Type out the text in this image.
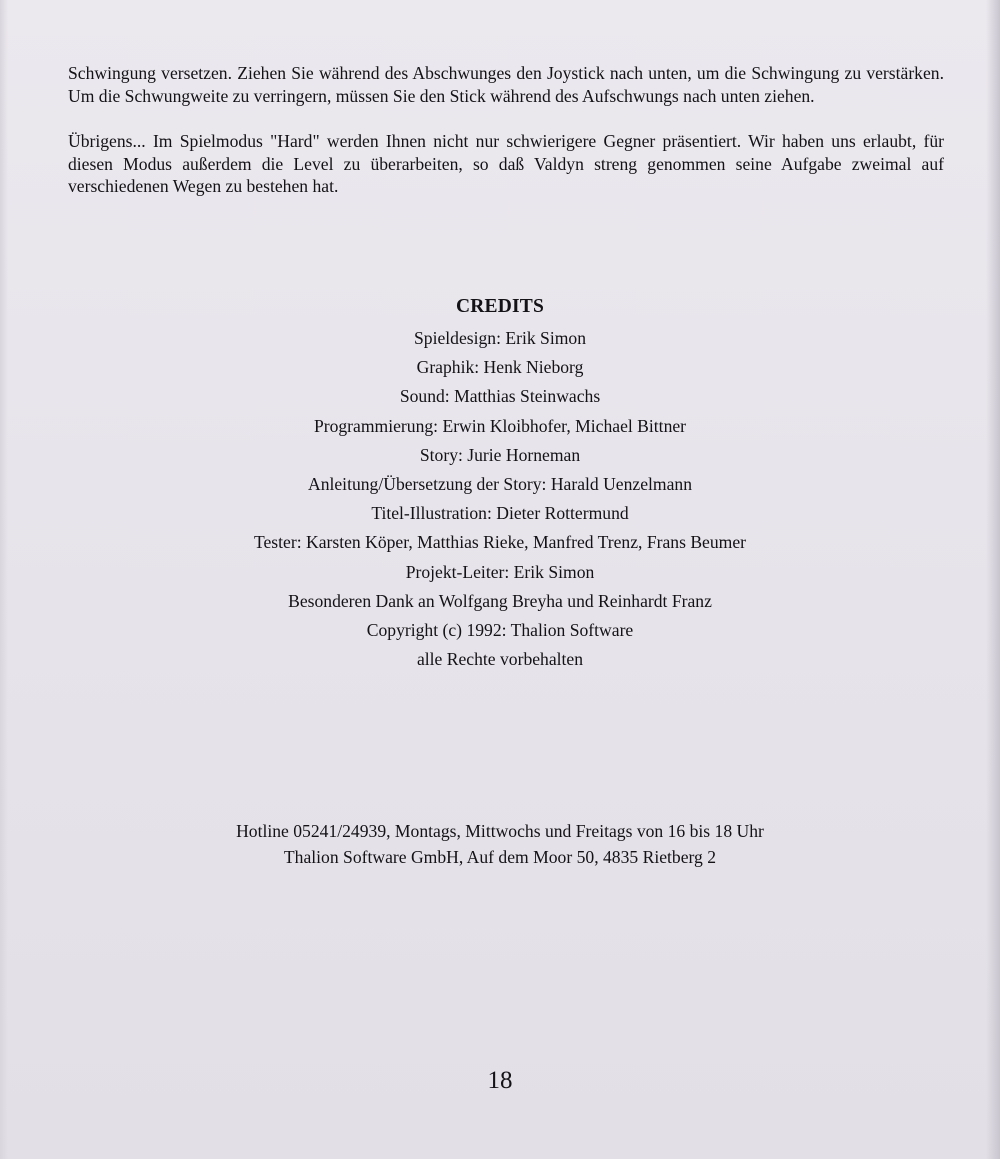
Schwingung versetzen. Ziehen Sie während des Abschwunges den Joystick nach unten, um die Schwingung zu verstärken. Um die Schwungweite zu verringern, müssen Sie den Stick während des Aufschwungs nach unten ziehen.

Übrigens... Im Spielmodus "Hard" werden Ihnen nicht nur schwierigere Gegner präsentiert. Wir haben uns erlaubt, für diesen Modus außerdem die Level zu überarbeiten, so daß Valdyn streng genommen seine Aufgabe zweimal auf verschiedenen Wegen zu bestehen hat.

CREDITS

Spieldesign: Erik Simon

Graphik: Henk Nieborg

Sound: Matthias Steinwachs

Programmierung: Erwin Kloibhofer, Michael Bittner

Story: Jurie Horneman

Anleitung/Übersetzung der Story: Harald Uenzelmann

Titel-Illustration: Dieter Rottermund

Tester: Karsten Köper, Matthias Rieke, Manfred Trenz, Frans Beumer

Projekt-Leiter: Erik Simon

Besonderen Dank an Wolfgang Breyha und Reinhardt Franz

Copyright (c) 1992: Thalion Software

alle Rechte vorbehalten

Hotline 05241/24939, Montags, Mittwochs und Freitags von 16 bis 18 Uhr

Thalion Software GmbH, Auf dem Moor 50, 4835 Rietberg 2

18
